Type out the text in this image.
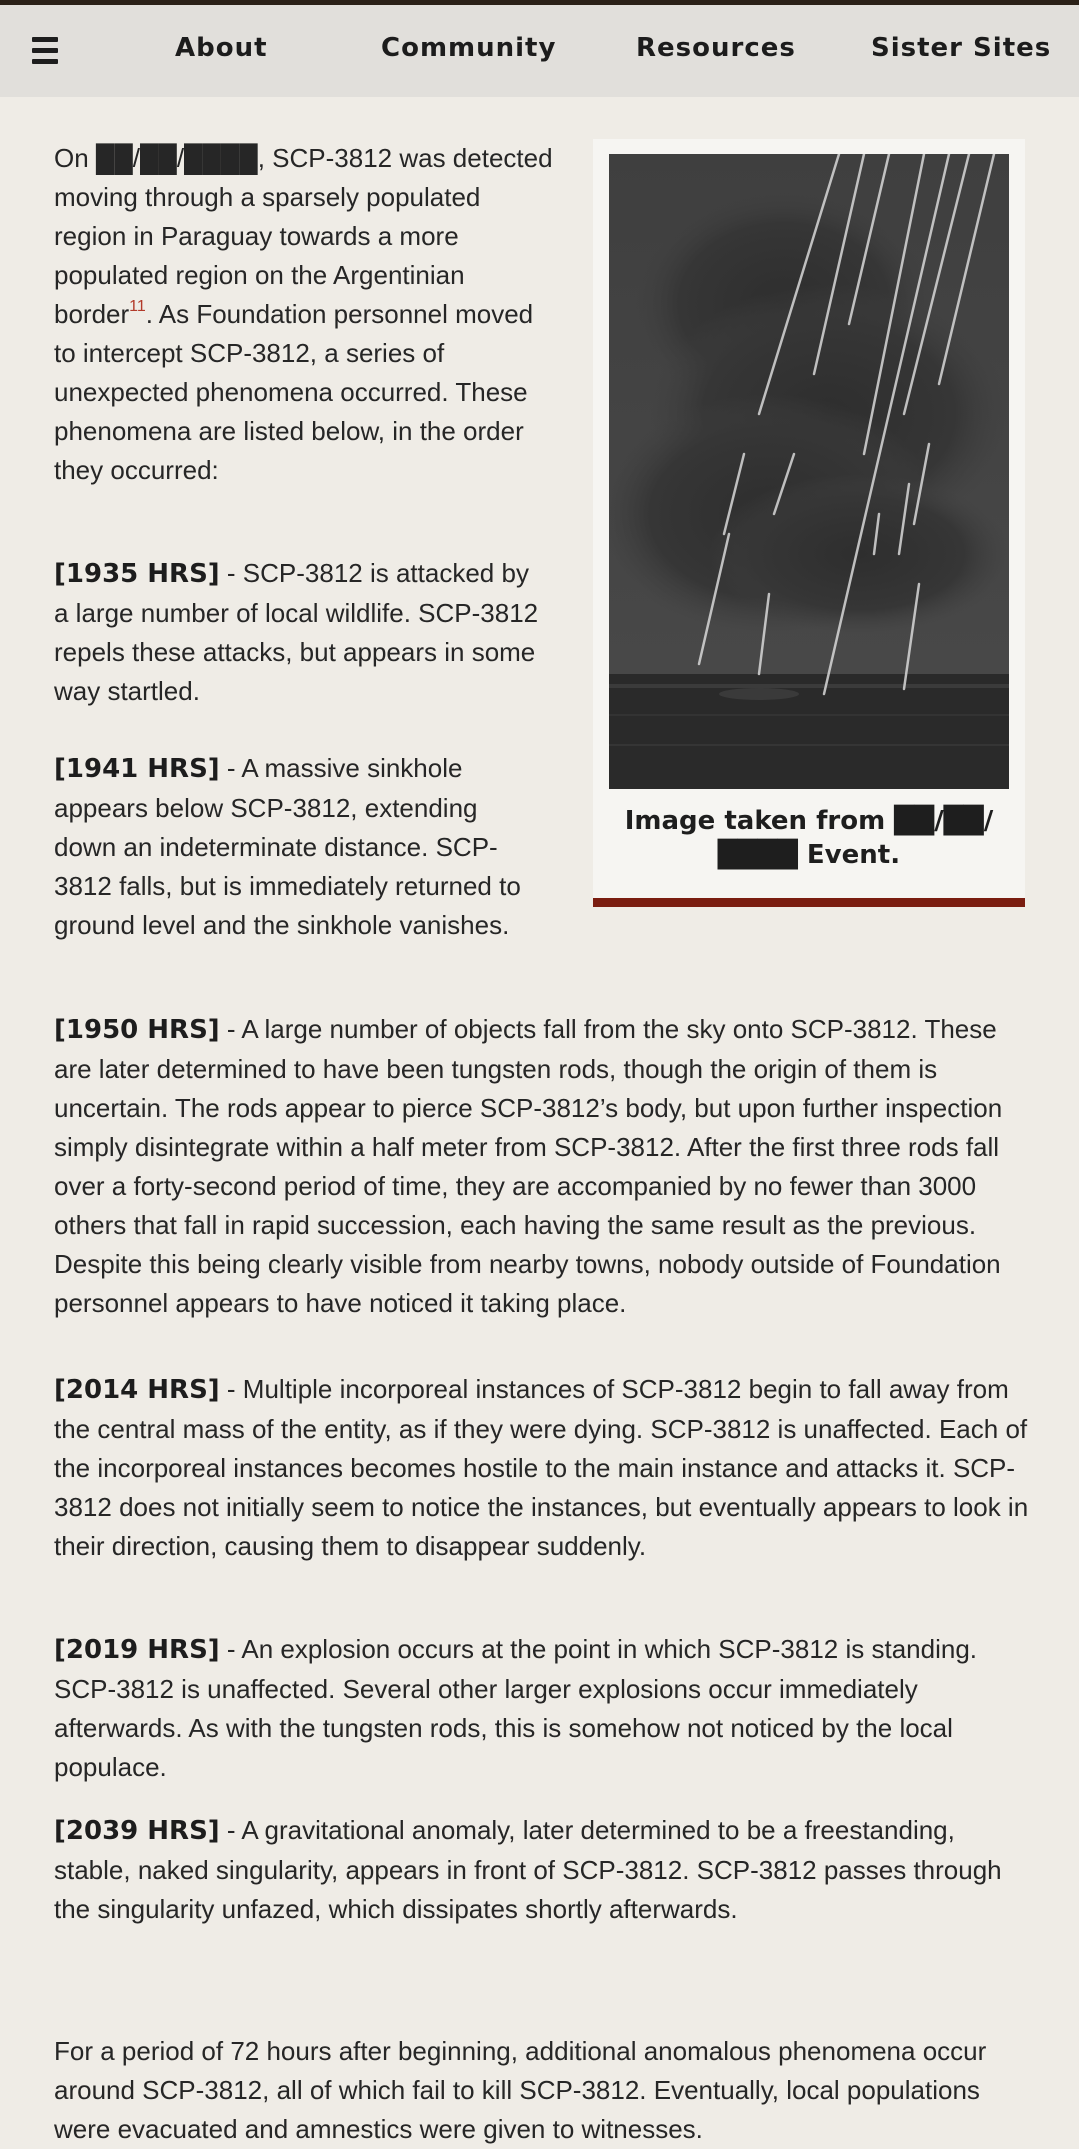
About	Community	Resources	Sister Sites
Image taken from ██/██/
████ Event.

On ██/██/████, SCP-3812 was detected moving through a sparsely populated region in Paraguay towards a more populated region on the Argentinian border$^{11}$. As Foundation personnel moved to intercept SCP-3812, a series of unexpected phenomena occurred. These phenomena are listed below, in the order they occurred:

[1935 HRS] - SCP-3812 is attacked by a large number of local wildlife. SCP-3812 repels these attacks, but appears in some way startled.

[1941 HRS] - A massive sinkhole appears below SCP-3812, extending down an indeterminate distance. SCP-3812 falls, but is immediately returned to ground level and the sinkhole vanishes.

[1950 HRS] - A large number of objects fall from the sky onto SCP-3812. These are later determined to have been tungsten rods, though the origin of them is uncertain. The rods appear to pierce SCP-3812’s body, but upon further inspection simply disintegrate within a half meter from SCP-3812. After the first three rods fall over a forty-second period of time, they are accompanied by no fewer than 3000 others that fall in rapid succession, each having the same result as the previous. Despite this being clearly visible from nearby towns, nobody outside of Foundation personnel appears to have noticed it taking place.

[2014 HRS] - Multiple incorporeal instances of SCP-3812 begin to fall away from the central mass of the entity, as if they were dying. SCP-3812 is unaffected. Each of the incorporeal instances becomes hostile to the main instance and attacks it. SCP-3812 does not initially seem to notice the instances, but eventually appears to look in their direction, causing them to disappear suddenly.

[2019 HRS] - An explosion occurs at the point in which SCP-3812 is standing. SCP-3812 is unaffected. Several other larger explosions occur immediately afterwards. As with the tungsten rods, this is somehow not noticed by the local populace.

[2039 HRS] - A gravitational anomaly, later determined to be a freestanding, stable, naked singularity, appears in front of SCP-3812. SCP-3812 passes through the singularity unfazed, which dissipates shortly afterwards.

For a period of 72 hours after beginning, additional anomalous phenomena occur around SCP-3812, all of which fail to kill SCP-3812. Eventually, local populations were evacuated and amnestics were given to witnesses.
